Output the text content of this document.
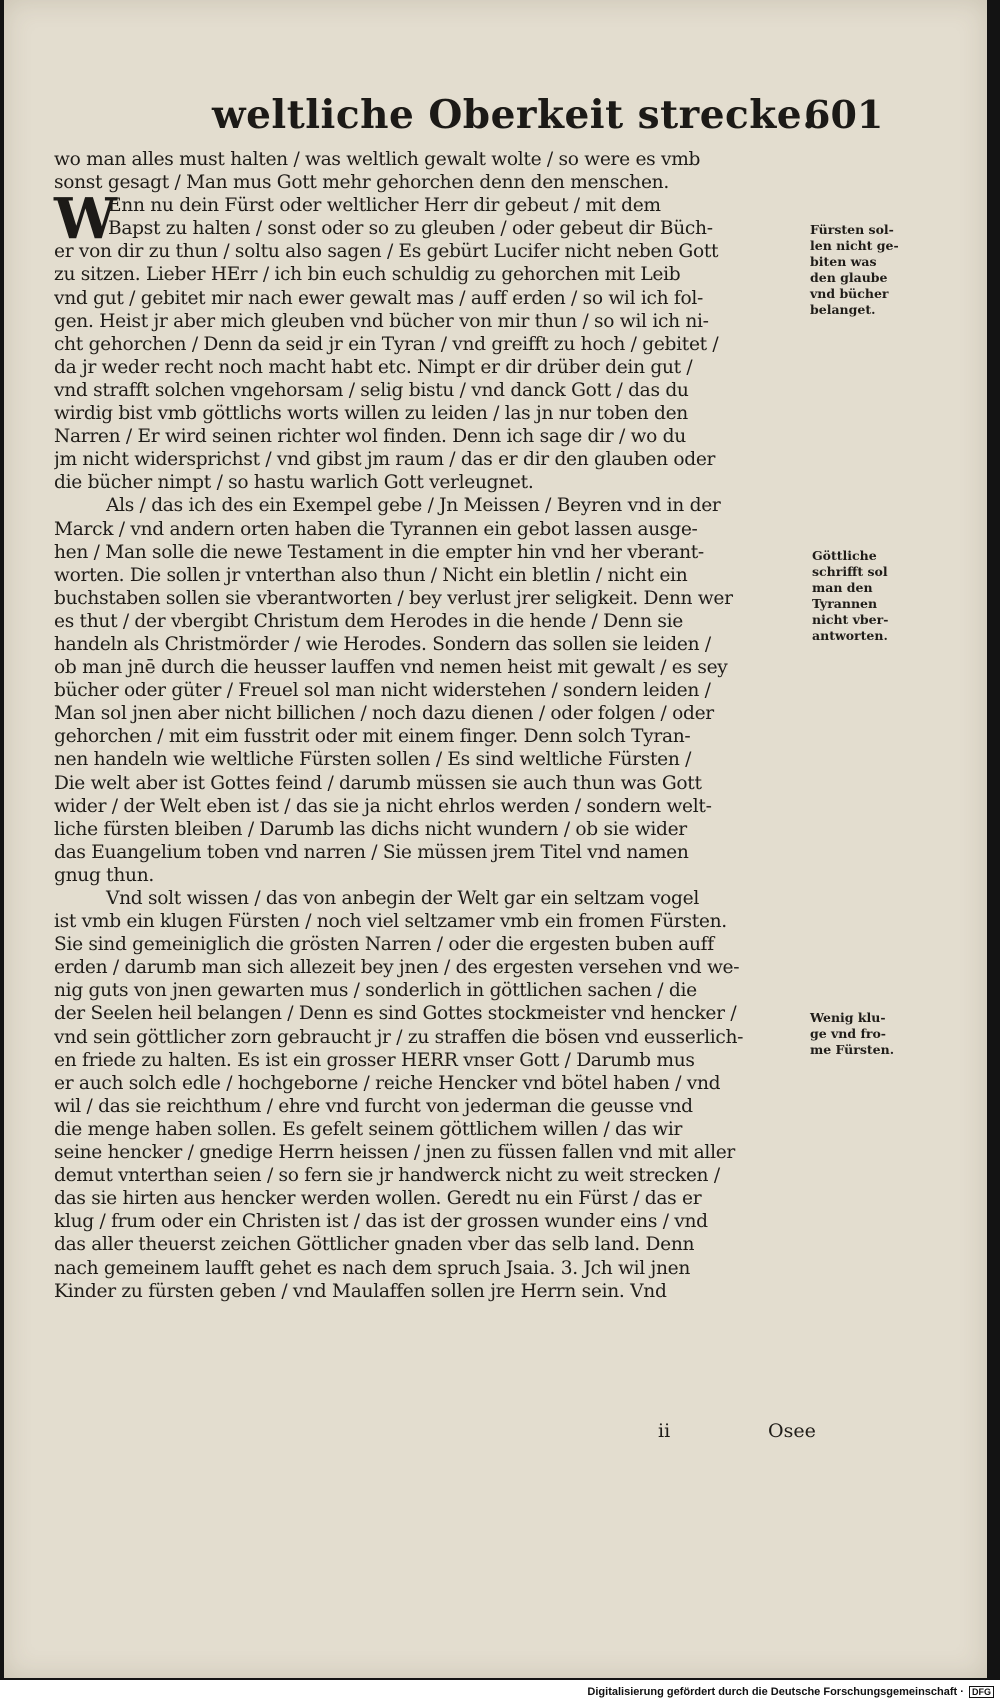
weltliche Oberkeit strecke.
601
wo man alles must halten / was weltlich gewalt wolte / so were es vmb
sonst gesagt / Man mus Gott mehr gehorchen denn den menschen.
W
Enn nu dein Fürst oder weltlicher Herr dir gebeut / mit dem
Bapst zu halten / sonst oder so zu gleuben / oder gebeut dir Büch-
er von dir zu thun / soltu also sagen / Es gebürt Lucifer nicht neben Gott
zu sitzen. Lieber HErr / ich bin euch schuldig zu gehorchen mit Leib
vnd gut / gebitet mir nach ewer gewalt mas / auff erden / so wil ich fol-
gen. Heist jr aber mich gleuben vnd bücher von mir thun / so wil ich ni-
cht gehorchen / Denn da seid jr ein Tyran / vnd greifft zu hoch / gebitet /
da jr weder recht noch macht habt etc. Nimpt er dir drüber dein gut /
vnd strafft solchen vngehorsam / selig bistu / vnd danck Gott / das du
wirdig bist vmb göttlichs worts willen zu leiden / las jn nur toben den
Narren / Er wird seinen richter wol finden. Denn ich sage dir / wo du
jm nicht widersprichst / vnd gibst jm raum / das er dir den glauben oder
die bücher nimpt / so hastu warlich Gott verleugnet.
Als / das ich des ein Exempel gebe / Jn Meissen / Beyren vnd in der
Marck / vnd andern orten haben die Tyrannen ein gebot lassen ausge-
hen / Man solle die newe Testament in die empter hin vnd her vberant-
worten. Die sollen jr vnterthan also thun / Nicht ein bletlin / nicht ein
buchstaben sollen sie vberantworten / bey verlust jrer seligkeit. Denn wer
es thut / der vbergibt Christum dem Herodes in die hende / Denn sie
handeln als Christmörder / wie Herodes. Sondern das sollen sie leiden /
ob man jnē durch die heusser lauffen vnd nemen heist mit gewalt / es sey
bücher oder güter / Freuel sol man nicht widerstehen / sondern leiden /
Man sol jnen aber nicht billichen / noch dazu dienen / oder folgen / oder
gehorchen / mit eim fusstrit oder mit einem finger. Denn solch Tyran-
nen handeln wie weltliche Fürsten sollen / Es sind weltliche Fürsten /
Die welt aber ist Gottes feind / darumb müssen sie auch thun was Gott
wider / der Welt eben ist / das sie ja nicht ehrlos werden / sondern welt-
liche fürsten bleiben / Darumb las dichs nicht wundern / ob sie wider
das Euangelium toben vnd narren / Sie müssen jrem Titel vnd namen
gnug thun.
Vnd solt wissen / das von anbegin der Welt gar ein seltzam vogel
ist vmb ein klugen Fürsten / noch viel seltzamer vmb ein fromen Fürsten.
Sie sind gemeiniglich die grösten Narren / oder die ergesten buben auff
erden / darumb man sich allezeit bey jnen / des ergesten versehen vnd we-
nig guts von jnen gewarten mus / sonderlich in göttlichen sachen / die
der Seelen heil belangen / Denn es sind Gottes stockmeister vnd hencker /
vnd sein göttlicher zorn gebraucht jr / zu straffen die bösen vnd eusserlich-
en friede zu halten. Es ist ein grosser HERR vnser Gott / Darumb mus
er auch solch edle / hochgeborne / reiche Hencker vnd bötel haben / vnd
wil / das sie reichthum / ehre vnd furcht von jederman die geusse vnd
die menge haben sollen. Es gefelt seinem göttlichem willen / das wir
seine hencker / gnedige Herrn heissen / jnen zu füssen fallen vnd mit aller
demut vnterthan seien / so fern sie jr handwerck nicht zu weit strecken /
das sie hirten aus hencker werden wollen. Geredt nu ein Fürst / das er
klug / frum oder ein Christen ist / das ist der grossen wunder eins / vnd
das aller theuerst zeichen Göttlicher gnaden vber das selb land. Denn
nach gemeinem laufft gehet es nach dem spruch Jsaia. 3. Jch wil jnen
Kinder zu fürsten geben / vnd Maulaffen sollen jre Herrn sein. Vnd
Fürsten sol-
len nicht ge-
biten was
den glaube
vnd bücher
belanget.
Göttliche
schrifft sol
man den
Tyrannen
nicht vber-
antworten.
Wenig klu-
ge vnd fro-
me Fürsten.
ii	Osee
Digitalisierung gefördert durch die Deutsche Forschungsgemeinschaft · DFG
